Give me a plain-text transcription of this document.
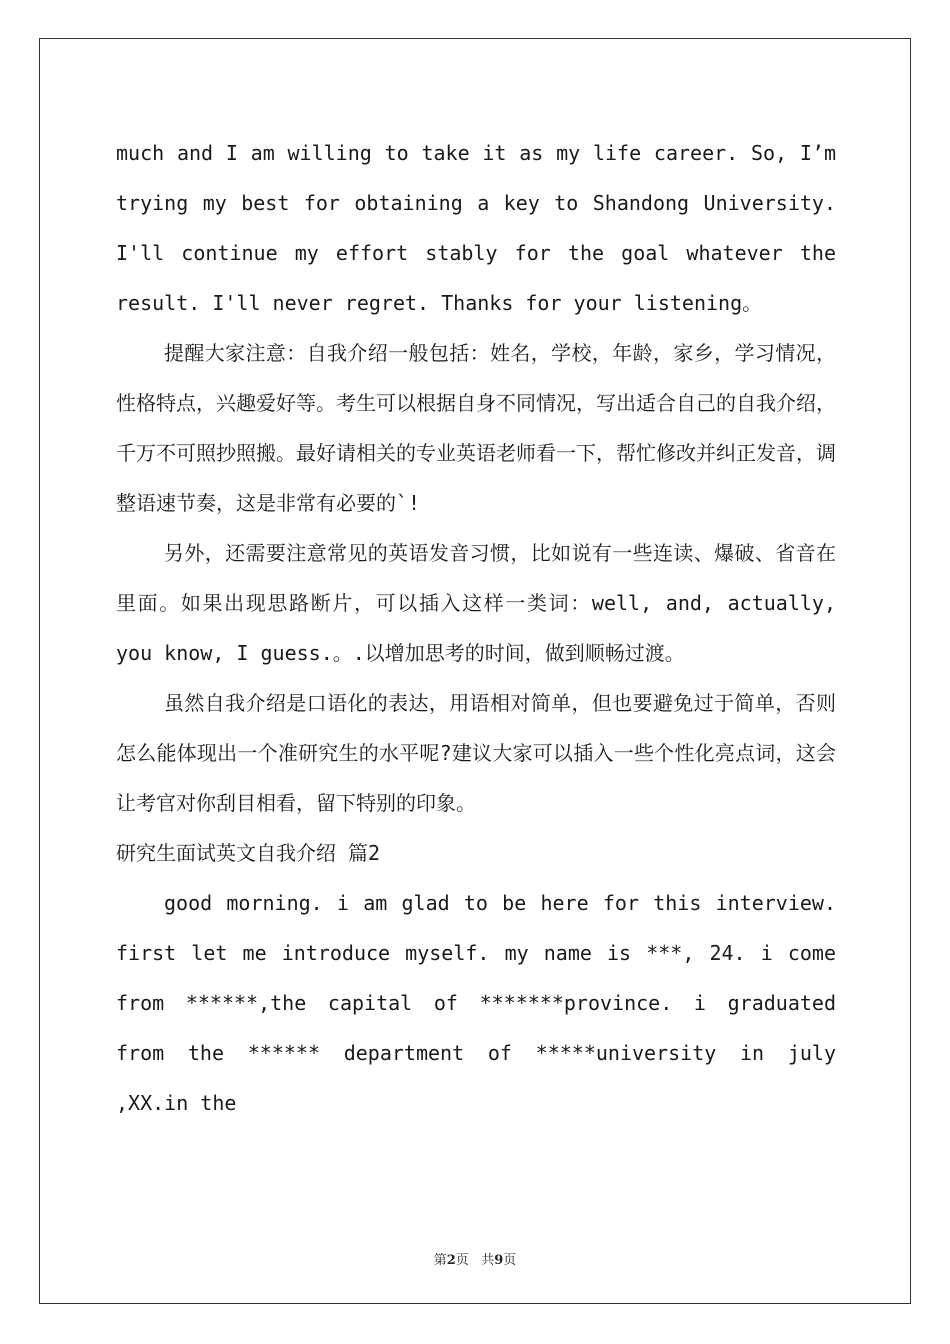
much and I am willing to take it as my life career. So, I’m trying my best for obtaining a key to Shandong University. I'll continue my effort stably for the goal whatever the result. I'll never regret. Thanks for your listening。

提醒大家注意：自我介绍一般包括：姓名，学校，年龄，家乡，学习情况，性格特点，兴趣爱好等。考生可以根据自身不同情况，写出适合自己的自我介绍，千万不可照抄照搬。最好请相关的专业英语老师看一下，帮忙修改并纠正发音，调整语速节奏，这是非常有必要的`!

另外，还需要注意常见的英语发音习惯，比如说有一些连读、爆破、省音在里面。如果出现思路断片，可以插入这样一类词：well, and, actually, you know, I guess.。.以增加思考的时间，做到顺畅过渡。

虽然自我介绍是口语化的表达，用语相对简单，但也要避免过于简单，否则怎么能体现出一个准研究生的水平呢?建议大家可以插入一些个性化亮点词，这会让考官对你刮目相看，留下特别的印象。

研究生面试英文自我介绍 篇2

good morning. i am glad to be here for this interview. first let me introduce myself. my name is ***, 24. i come from ******,the capital of *******province. i graduated from the ****** department of *****university in july ,XX.in the

第2页   共9页
